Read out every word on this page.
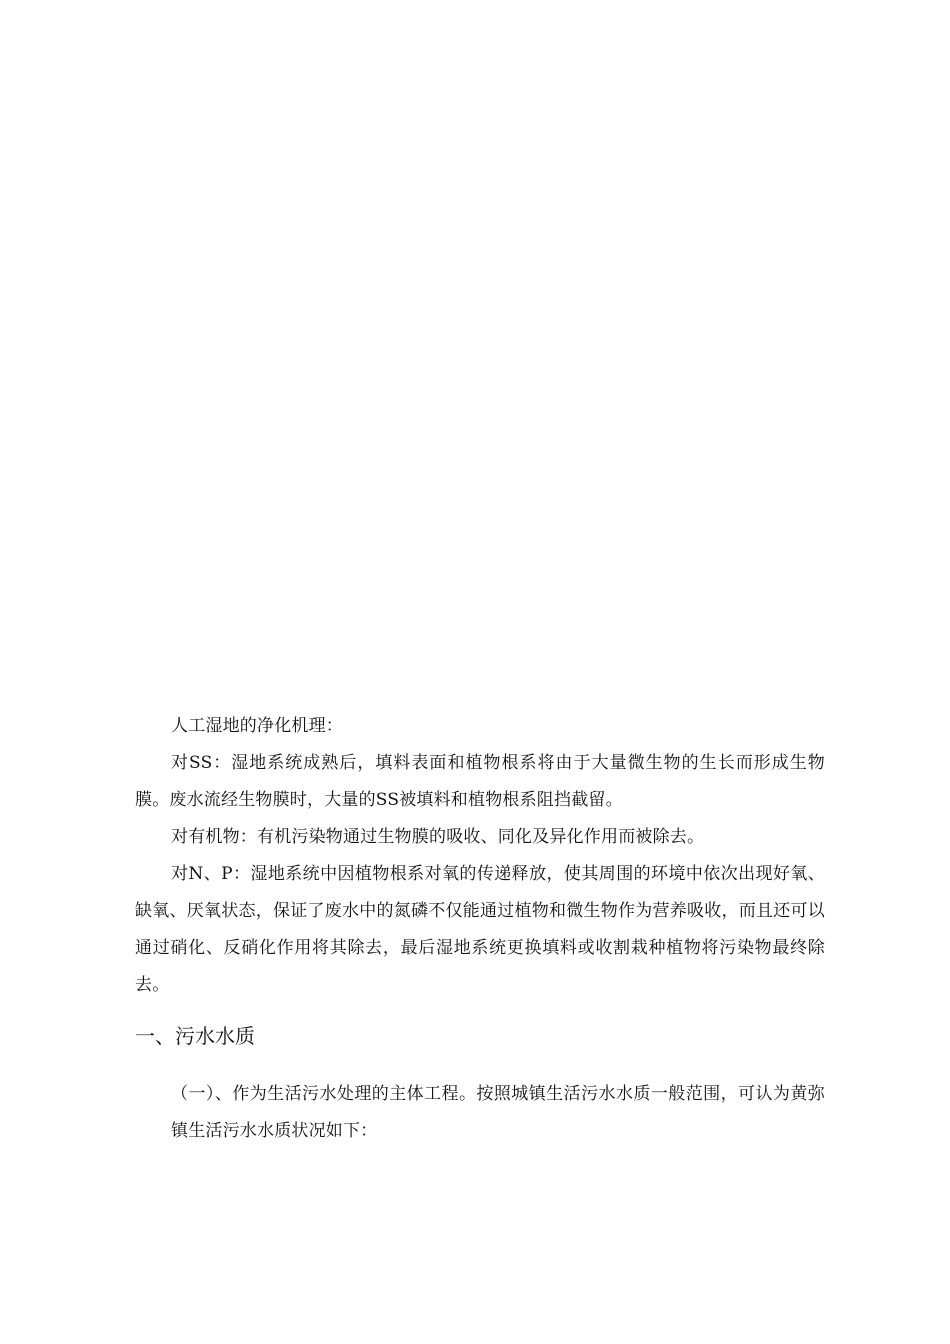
人工湿地的净化机理：

对SS：湿地系统成熟后，填料表面和植物根系将由于大量微生物的生长而形成生物膜。废水流经生物膜时，大量的SS被填料和植物根系阻挡截留。

对有机物：有机污染物通过生物膜的吸收、同化及异化作用而被除去。

对N、P：湿地系统中因植物根系对氧的传递释放，使其周围的环境中依次出现好氧、缺氧、厌氧状态，保证了废水中的氮磷不仅能通过植物和微生物作为营养吸收，而且还可以通过硝化、反硝化作用将其除去，最后湿地系统更换填料或收割栽种植物将污染物最终除去。

一、污水水质

（一）、作为生活污水处理的主体工程。按照城镇生活污水水质一般范围，可认为黄弥镇生活污水水质状况如下：
